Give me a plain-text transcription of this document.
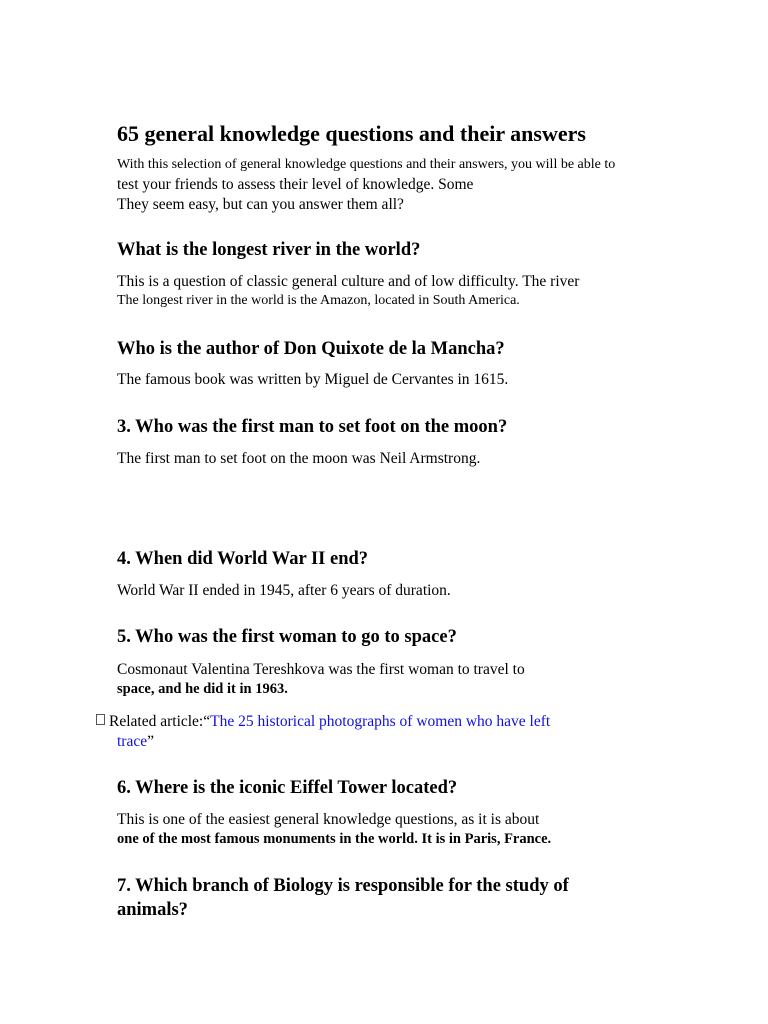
65 general knowledge questions and their answers
With this selection of general knowledge questions and their answers, you will be able to
test your friends to assess their level of knowledge. Some
They seem easy, but can you answer them all?
What is the longest river in the world?
This is a question of classic general culture and of low difficulty. The river
The longest river in the world is the Amazon, located in South America.
Who is the author of Don Quixote de la Mancha?
The famous book was written by Miguel de Cervantes in 1615.
3. Who was the first man to set foot on the moon?
The first man to set foot on the moon was Neil Armstrong.
4. When did World War II end?
World War II ended in 1945, after 6 years of duration.
5. Who was the first woman to go to space?
Cosmonaut Valentina Tereshkova was the first woman to travel to
space, and he did it in 1963.
Related article:“The 25 historical photographs of women who have left
trace”
6. Where is the iconic Eiffel Tower located?
This is one of the easiest general knowledge questions, as it is about
one of the most famous monuments in the world. It is in Paris, France.
7. Which branch of Biology is responsible for the study of
animals?
